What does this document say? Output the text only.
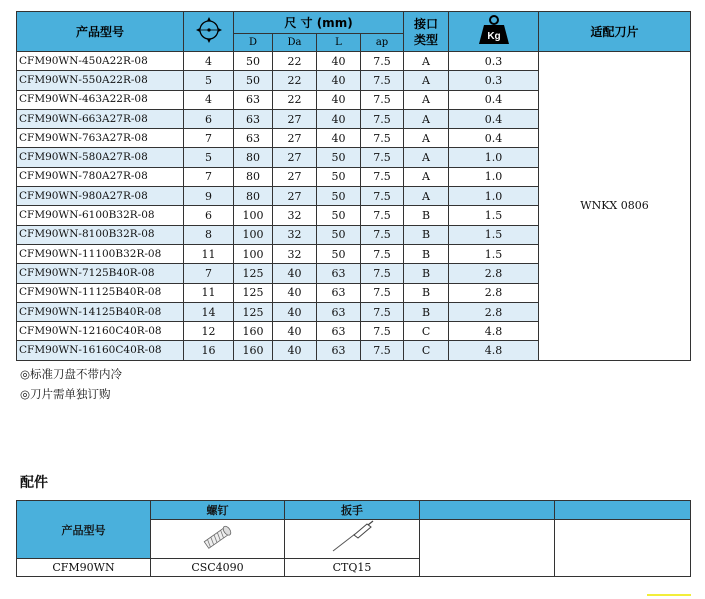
产品型号		尺 寸 (mm)				接口类型	Kg	适配刀片
		D	Da	L	ap			
CFM90WN-450A22R-08	4	50	22	40	7.5	A	0.3	WNKX 0806
CFM90WN-550A22R-08	5	50	22	40	7.5	A	0.3	
CFM90WN-463A22R-08	4	63	22	40	7.5	A	0.4	
CFM90WN-663A27R-08	6	63	27	40	7.5	A	0.4	
CFM90WN-763A27R-08	7	63	27	40	7.5	A	0.4	
CFM90WN-580A27R-08	5	80	27	50	7.5	A	1.0	
CFM90WN-780A27R-08	7	80	27	50	7.5	A	1.0	
CFM90WN-980A27R-08	9	80	27	50	7.5	A	1.0	
CFM90WN-6100B32R-08	6	100	32	50	7.5	B	1.5	
CFM90WN-8100B32R-08	8	100	32	50	7.5	B	1.5	
CFM90WN-11100B32R-08	11	100	32	50	7.5	B	1.5	
CFM90WN-7125B40R-08	7	125	40	63	7.5	B	2.8	
CFM90WN-11125B40R-08	11	125	40	63	7.5	B	2.8	
CFM90WN-14125B40R-08	14	125	40	63	7.5	B	2.8	
CFM90WN-12160C40R-08	12	160	40	63	7.5	C	4.8	
CFM90WN-16160C40R-08	16	160	40	63	7.5	C	4.8	
◎标准刀盘不带内冷
◎刀片需单独订购
配件
产品型号	螺钉	扳手		

CFM90WN	CSC4090	CTQ15		
